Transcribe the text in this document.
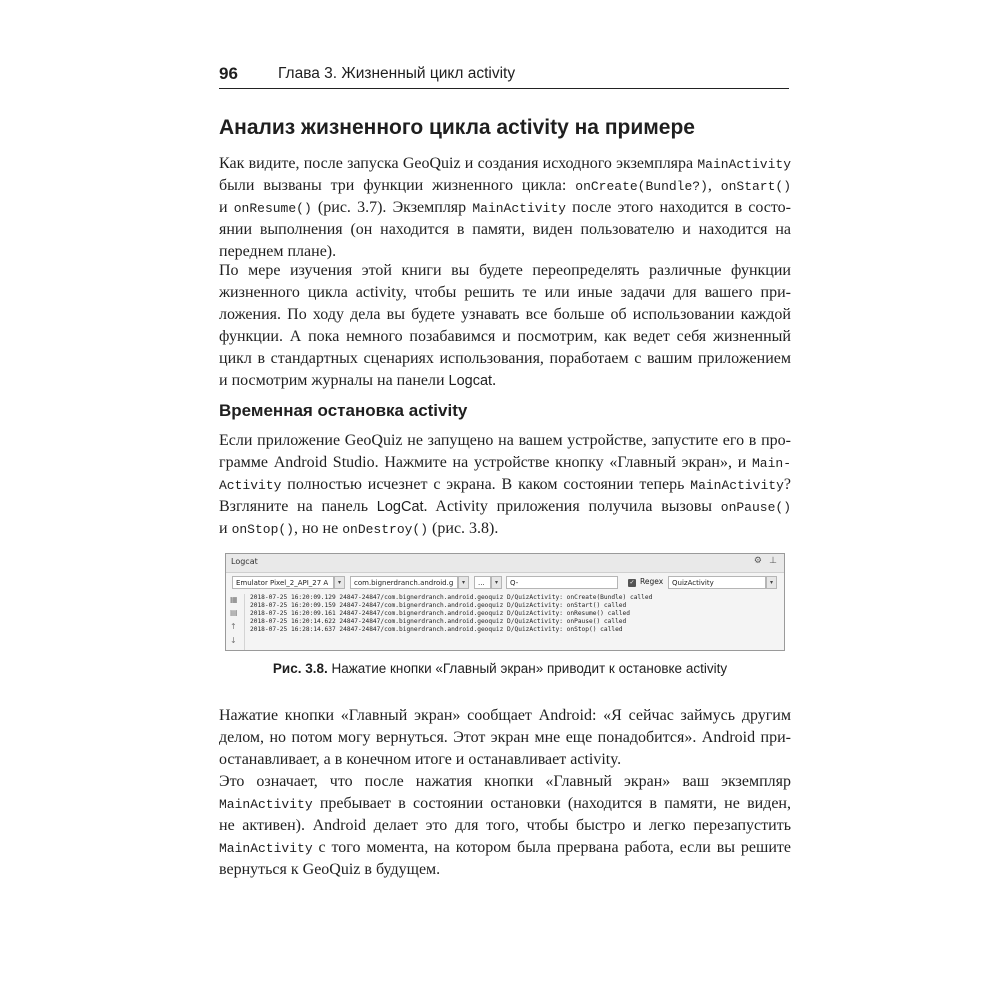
96	Глава 3. Жизненный цикл activity
Анализ жизненного цикла activity на примере

Как видите, после запуска GeoQuiz и создания исходного экземпляра MainActivity
были вызваны три функции жизненного цикла: onCreate(Bundle?), onStart()
и onResume() (рис. 3.7). Экземпляр MainActivity после этого находится в состо-
янии выполнения (он находится в памяти, виден пользователю и находится на
переднем плане).

По мере изучения этой книги вы будете переопределять различные функции
жизненного цикла activity, чтобы решить те или иные задачи для вашего при-
ложения. По ходу дела вы будете узнавать все больше об использовании каждой
функции. А пока немного позабавимся и посмотрим, как ведет себя жизненный
цикл в стандартных сценариях использования, поработаем с вашим приложением
и посмотрим журналы на панели Logcat.

Временная остановка activity

Если приложение GeoQuiz не запущено на вашем устройстве, запустите его в про-
грамме Android Studio. Нажмите на устройстве кнопку «Главный экран», и Main-
Activity полностью исчезнет с экрана. В каком состоянии теперь MainActivity?
Взгляните на панель LogCat. Activity приложения получила вызовы onPause()
и onStop(), но не onDestroy() (рис. 3.8).

Logcat	⚙ ⊥
Emulator Pixel_2_API_27 A	▾	com.bignerdranch.android.g	▾	...	▾	Q-	✓ Regex	QuizActivity	▾
▦
▤
↑
↓
2018-07-25 16:20:09.129 24847-24847/com.bignerdranch.android.geoquiz D/QuizActivity: onCreate(Bundle) called
2018-07-25 16:20:09.159 24847-24847/com.bignerdranch.android.geoquiz D/QuizActivity: onStart() called
2018-07-25 16:20:09.161 24847-24847/com.bignerdranch.android.geoquiz D/QuizActivity: onResume() called
2018-07-25 16:20:14.622 24847-24847/com.bignerdranch.android.geoquiz D/QuizActivity: onPause() called
2018-07-25 16:28:14.637 24847-24847/com.bignerdranch.android.geoquiz D/QuizActivity: onStop() called
Рис. 3.8. Нажатие кнопки «Главный экран» приводит к остановке activity

Нажатие кнопки «Главный экран» сообщает Android: «Я сейчас займусь другим
делом, но потом могу вернуться. Этот экран мне еще понадобится». Android при-
останавливает, а в конечном итоге и останавливает activity.

Это означает, что после нажатия кнопки «Главный экран» ваш экземпляр
MainActivity пребывает в состоянии остановки (находится в памяти, не виден,
не активен). Android делает это для того, чтобы быстро и легко перезапустить
MainActivity с того момента, на котором была прервана работа, если вы решите
вернуться к GeoQuiz в будущем.
